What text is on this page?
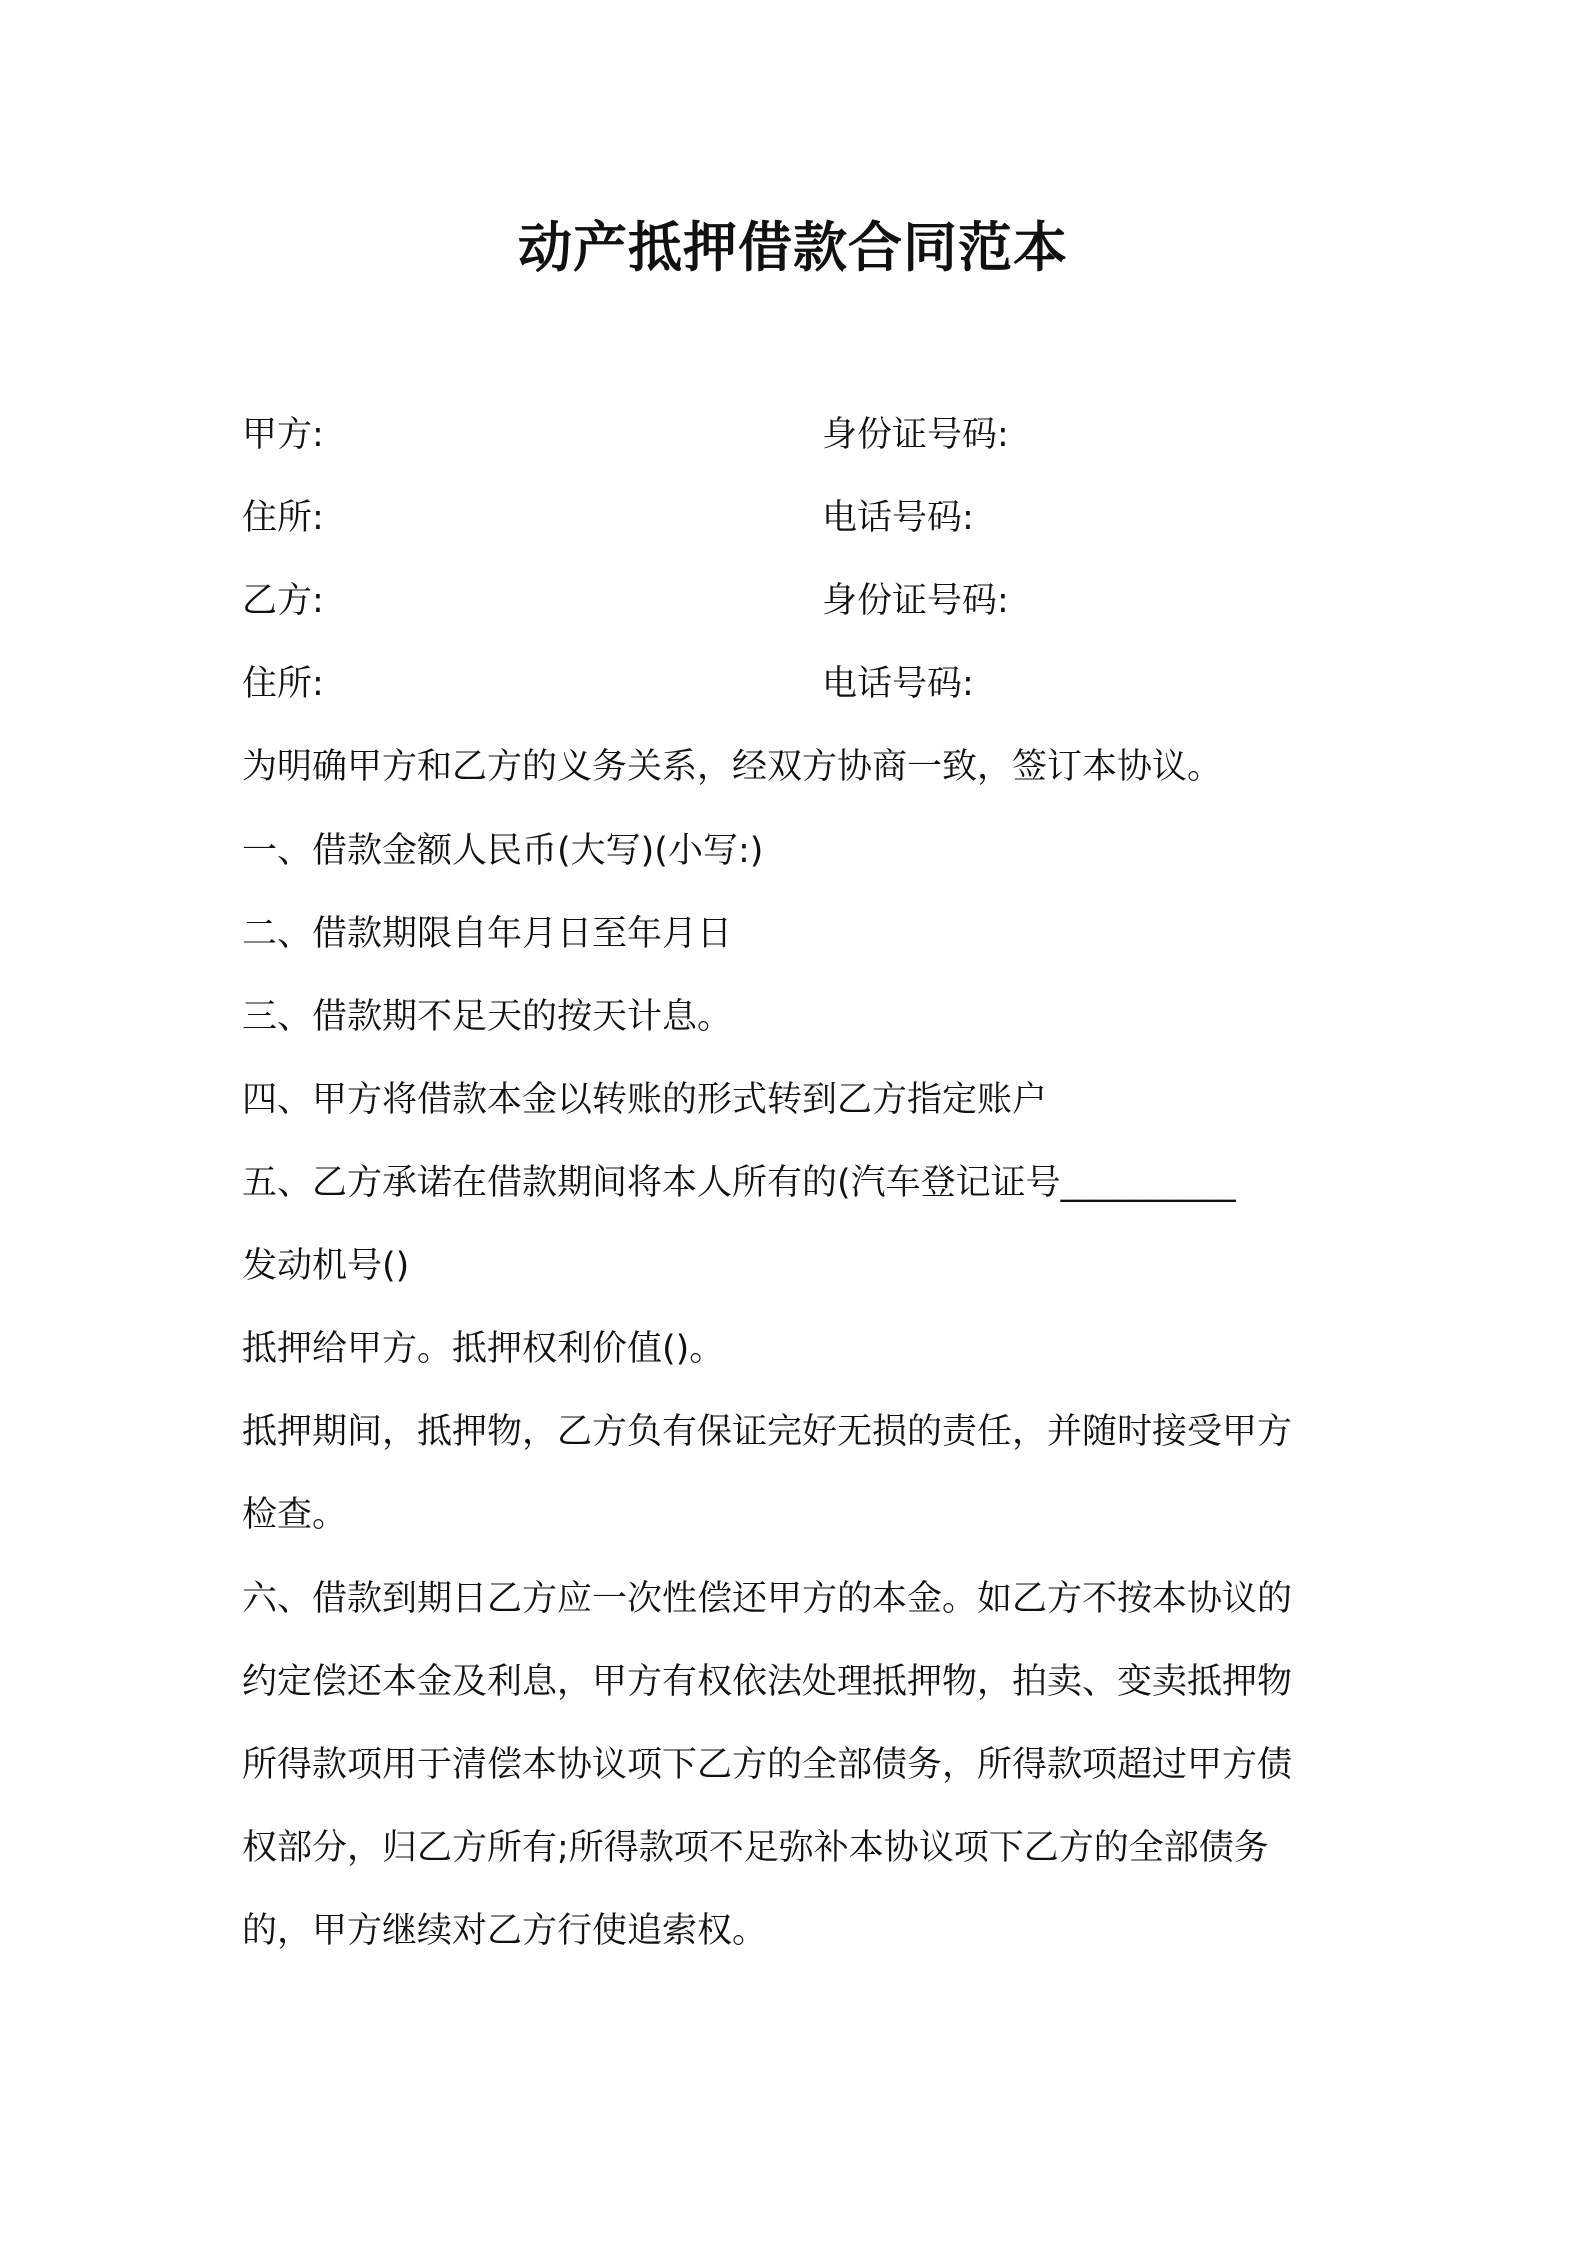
动产抵押借款合同范本
甲方:	身份证号码:
住所:	电话号码:
乙方:	身份证号码:
住所:	电话号码:
为明确甲方和乙方的义务关系，经双方协商一致，签订本协议。
一、借款金额人民币(大写)(小写:)
二、借款期限自年月日至年月日
三、借款期不足天的按天计息。
四、甲方将借款本金以转账的形式转到乙方指定账户
五、乙方承诺在借款期间将本人所有的(汽车登记证号__________
发动机号()
抵押给甲方。抵押权利价值()。
抵押期间，抵押物，乙方负有保证完好无损的责任，并随时接受甲方
检查。
六、借款到期日乙方应一次性偿还甲方的本金。如乙方不按本协议的
约定偿还本金及利息，甲方有权依法处理抵押物，拍卖、变卖抵押物
所得款项用于清偿本协议项下乙方的全部债务，所得款项超过甲方债
权部分，归乙方所有;所得款项不足弥补本协议项下乙方的全部债务
的，甲方继续对乙方行使追索权。
